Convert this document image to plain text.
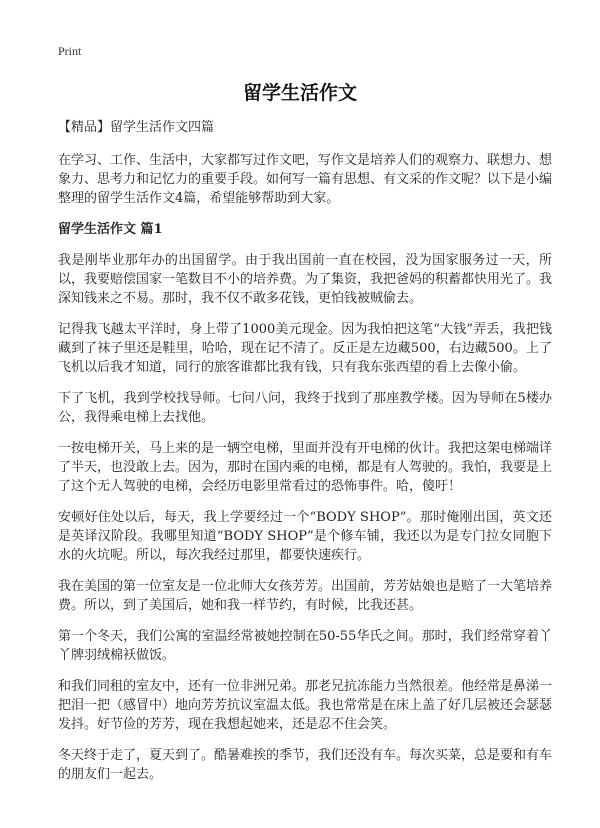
Print
留学生活作文

【精品】留学生活作文四篇

在学习、工作、生活中，大家都写过作文吧，写作文是培养人们的观察力、联想力、想象力、思考力和记忆力的重要手段。如何写一篇有思想、有文采的作文呢？以下是小编整理的留学生活作文4篇，希望能够帮助到大家。

留学生活作文 篇1

我是刚毕业那年办的出国留学。由于我出国前一直在校园，没为国家服务过一天，所以，我要赔偿国家一笔数目不小的培养费。为了集资，我把爸妈的积蓄都快用光了。我深知钱来之不易。那时，我不仅不敢多花钱，更怕钱被贼偷去。

记得我飞越太平洋时，身上带了1000美元现金。因为我怕把这笔“大钱”弄丢，我把钱藏到了袜子里还是鞋里，哈哈，现在记不清了。反正是左边藏500，右边藏500。上了飞机以后我才知道，同行的旅客谁都比我有钱，只有我东张西望的看上去像小偷。

下了飞机，我到学校找导师。七问八问，我终于找到了那座教学楼。因为导师在5楼办公，我得乘电梯上去找他。

一按电梯开关，马上来的是一辆空电梯，里面并没有开电梯的伙计。我把这架电梯端详了半天，也没敢上去。因为，那时在国内乘的电梯，都是有人驾驶的。我怕，我要是上了这个无人驾驶的电梯，会经历电影里常看过的恐怖事件。哈，傻吁！

安顿好住处以后，每天，我上学要经过一个“BODY SHOP”。那时俺刚出国，英文还是英译汉阶段。我哪里知道“BODY SHOP”是个修车铺，我还以为是专门拉女同胞下水的火坑呢。所以，每次我经过那里，都要快速疾行。

我在美国的第一位室友是一位北师大女孩芳芳。出国前，芳芳姑娘也是赔了一大笔培养费。所以，到了美国后，她和我一样节约，有时候，比我还甚。

第一个冬天，我们公寓的室温经常被她控制在50-55华氏之间。那时，我们经常穿着丫丫牌羽绒棉袄做饭。

和我们同租的室友中，还有一位非洲兄弟。那老兄抗冻能力当然很差。他经常是鼻涕一把泪一把（感冒中）地向芳芳抗议室温太低。我也常常是在床上盖了好几层被还会瑟瑟发抖。好节俭的芳芳，现在我想起她来，还是忍不住会笑。

冬天终于走了，夏天到了。酷暑难挨的季节，我们还没有车。每次买菜，总是要和有车的朋友们一起去。
